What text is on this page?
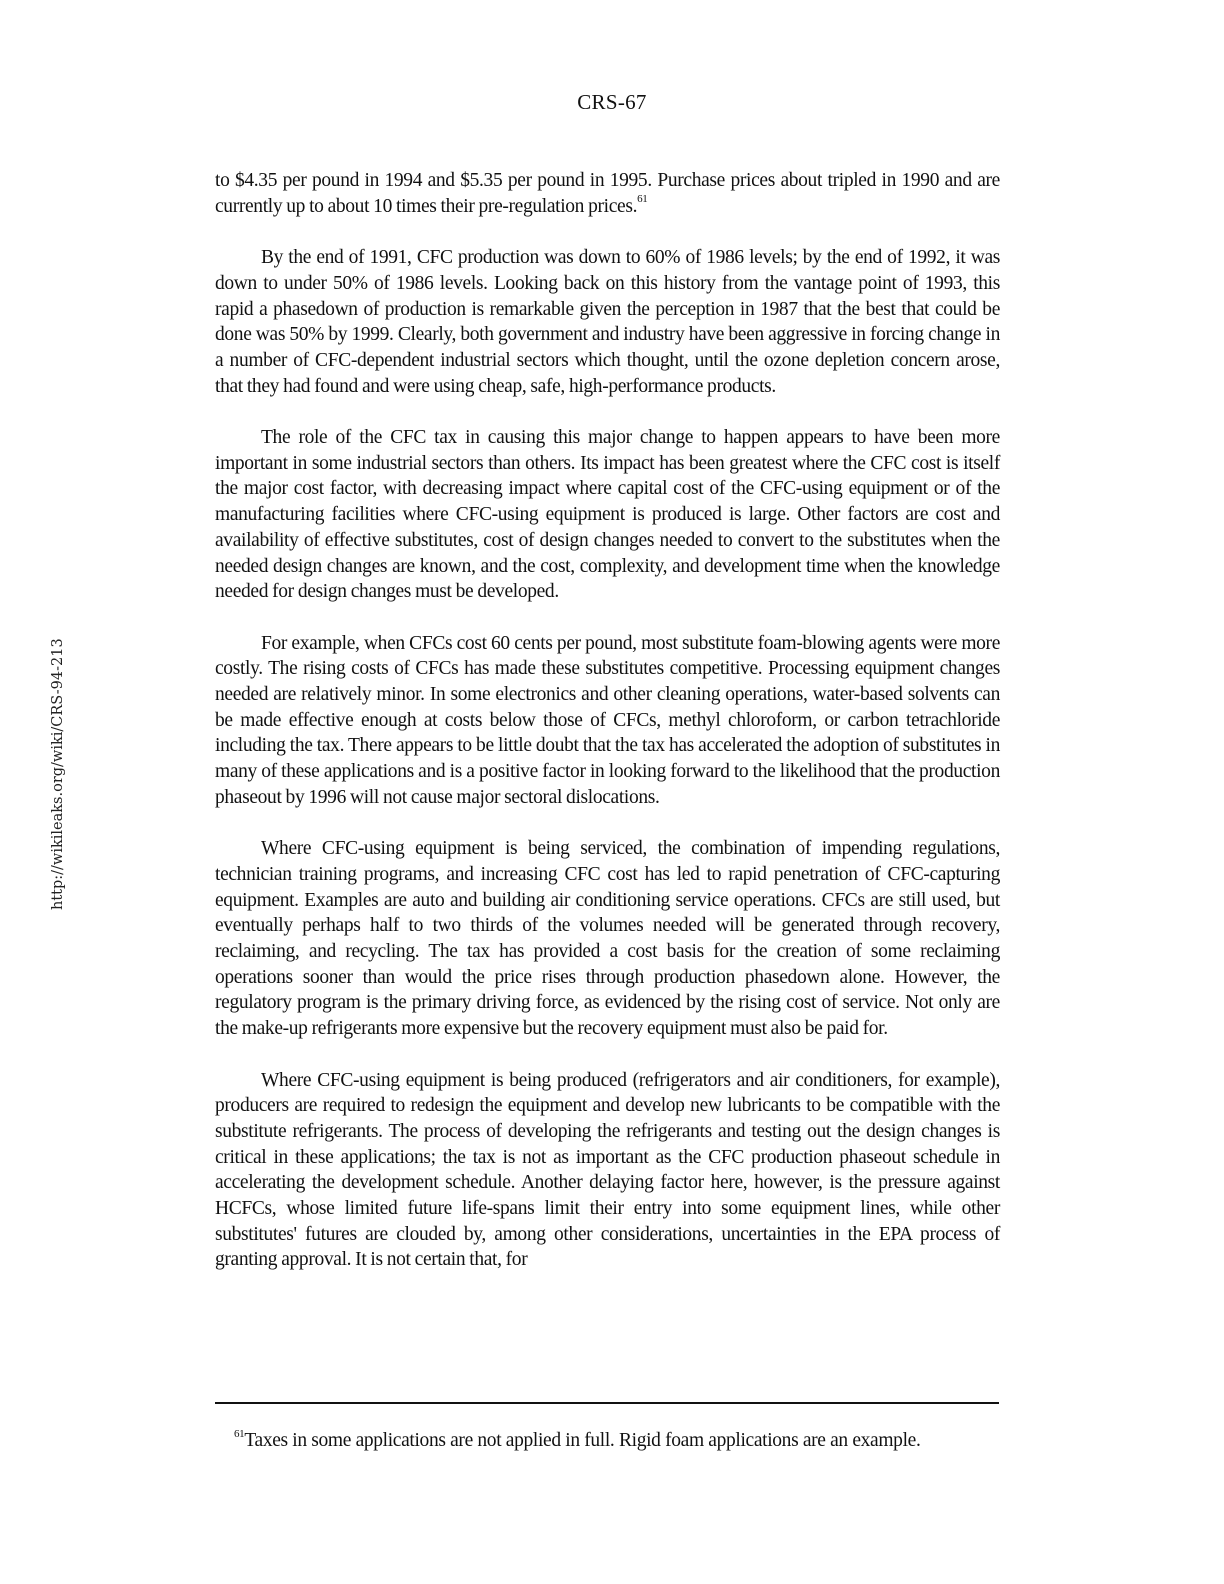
http://wikileaks.org/wiki/CRS-94-213
CRS-67

to $4.35 per pound in 1994 and $5.35 per pound in 1995. Purchase prices about tripled in 1990 and are currently up to about 10 times their pre-regulation prices.$^{61}$

By the end of 1991, CFC production was down to 60% of 1986 levels; by the end of 1992, it was down to under 50% of 1986 levels. Looking back on this history from the vantage point of 1993, this rapid a phasedown of production is remarkable given the perception in 1987 that the best that could be done was 50% by 1999. Clearly, both government and industry have been aggressive in forcing change in a number of CFC-dependent industrial sectors which thought, until the ozone depletion concern arose, that they had found and were using cheap, safe, high-performance products.

The role of the CFC tax in causing this major change to happen appears to have been more important in some industrial sectors than others. Its impact has been greatest where the CFC cost is itself the major cost factor, with decreasing impact where capital cost of the CFC-using equipment or of the manufacturing facilities where CFC-using equipment is produced is large. Other factors are cost and availability of effective substitutes, cost of design changes needed to convert to the substitutes when the needed design changes are known, and the cost, complexity, and development time when the knowledge needed for design changes must be developed.

For example, when CFCs cost 60 cents per pound, most substitute foam-blowing agents were more costly. The rising costs of CFCs has made these substitutes competitive. Processing equipment changes needed are relatively minor. In some electronics and other cleaning operations, water-based solvents can be made effective enough at costs below those of CFCs, methyl chloroform, or carbon tetrachloride including the tax. There appears to be little doubt that the tax has accelerated the adoption of substitutes in many of these applications and is a positive factor in looking forward to the likelihood that the production phaseout by 1996 will not cause major sectoral dislocations.

Where CFC-using equipment is being serviced, the combination of impending regulations, technician training programs, and increasing CFC cost has led to rapid penetration of CFC-capturing equipment. Examples are auto and building air conditioning service operations. CFCs are still used, but eventually perhaps half to two thirds of the volumes needed will be generated through recovery, reclaiming, and recycling. The tax has provided a cost basis for the creation of some reclaiming operations sooner than would the price rises through production phasedown alone. However, the regulatory program is the primary driving force, as evidenced by the rising cost of service. Not only are the make-up refrigerants more expensive but the recovery equipment must also be paid for.

Where CFC-using equipment is being produced (refrigerators and air conditioners, for example), producers are required to redesign the equipment and develop new lubricants to be compatible with the substitute refrigerants. The process of developing the refrigerants and testing out the design changes is critical in these applications; the tax is not as important as the CFC production phaseout schedule in accelerating the development schedule. Another delaying factor here, however, is the pressure against HCFCs, whose limited future life-spans limit their entry into some equipment lines, while other substitutes' futures are clouded by, among other considerations, uncertainties in the EPA process of granting approval. It is not certain that, for

$^{61}$Taxes in some applications are not applied in full. Rigid foam applications are an example.
